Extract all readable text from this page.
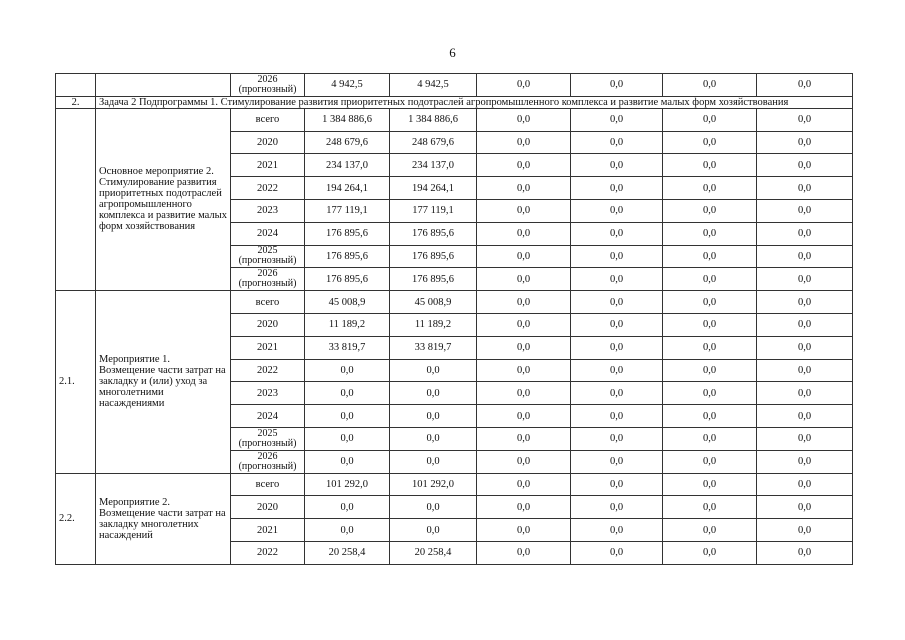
6

		2026
(прогнозный)	4 942,5	4 942,5	0,0	0,0	0,0	0,0
2.	Задача 2 Подпрограммы 1. Стимулирование развития приоритетных подотраслей агропромышленного комплекса и развитие малых форм хозяйствования							
	Основное мероприятие 2. Стимулирование развития приоритетных подотраслей агропромышленного комплекса и развитие малых форм хозяйствования	всего	1 384 886,6	1 384 886,6	0,0	0,0	0,0	0,0
		2020	248 679,6	248 679,6	0,0	0,0	0,0	0,0
		2021	234 137,0	234 137,0	0,0	0,0	0,0	0,0
		2022	194 264,1	194 264,1	0,0	0,0	0,0	0,0
		2023	177 119,1	177 119,1	0,0	0,0	0,0	0,0
		2024	176 895,6	176 895,6	0,0	0,0	0,0	0,0

		2025
(прогнозный)	176 895,6	176 895,6	0,0	0,0	0,0	0,0

		2026
(прогнозный)	176 895,6	176 895,6	0,0	0,0	0,0	0,0
2.1.	Мероприятие 1. Возмещение части затрат на закладку и (или) уход за многолетними насаждениями	всего	45 008,9	45 008,9	0,0	0,0	0,0	0,0
		2020	11 189,2	11 189,2	0,0	0,0	0,0	0,0
		2021	33 819,7	33 819,7	0,0	0,0	0,0	0,0
		2022	0,0	0,0	0,0	0,0	0,0	0,0
		2023	0,0	0,0	0,0	0,0	0,0	0,0
		2024	0,0	0,0	0,0	0,0	0,0	0,0

		2025
(прогнозный)	0,0	0,0	0,0	0,0	0,0	0,0

		2026
(прогнозный)	0,0	0,0	0,0	0,0	0,0	0,0
2.2.	Мероприятие 2. Возмещение части затрат на закладку многолетних насаждений	всего	101 292,0	101 292,0	0,0	0,0	0,0	0,0
		2020	0,0	0,0	0,0	0,0	0,0	0,0
		2021	0,0	0,0	0,0	0,0	0,0	0,0
		2022	20 258,4	20 258,4	0,0	0,0	0,0	0,0
